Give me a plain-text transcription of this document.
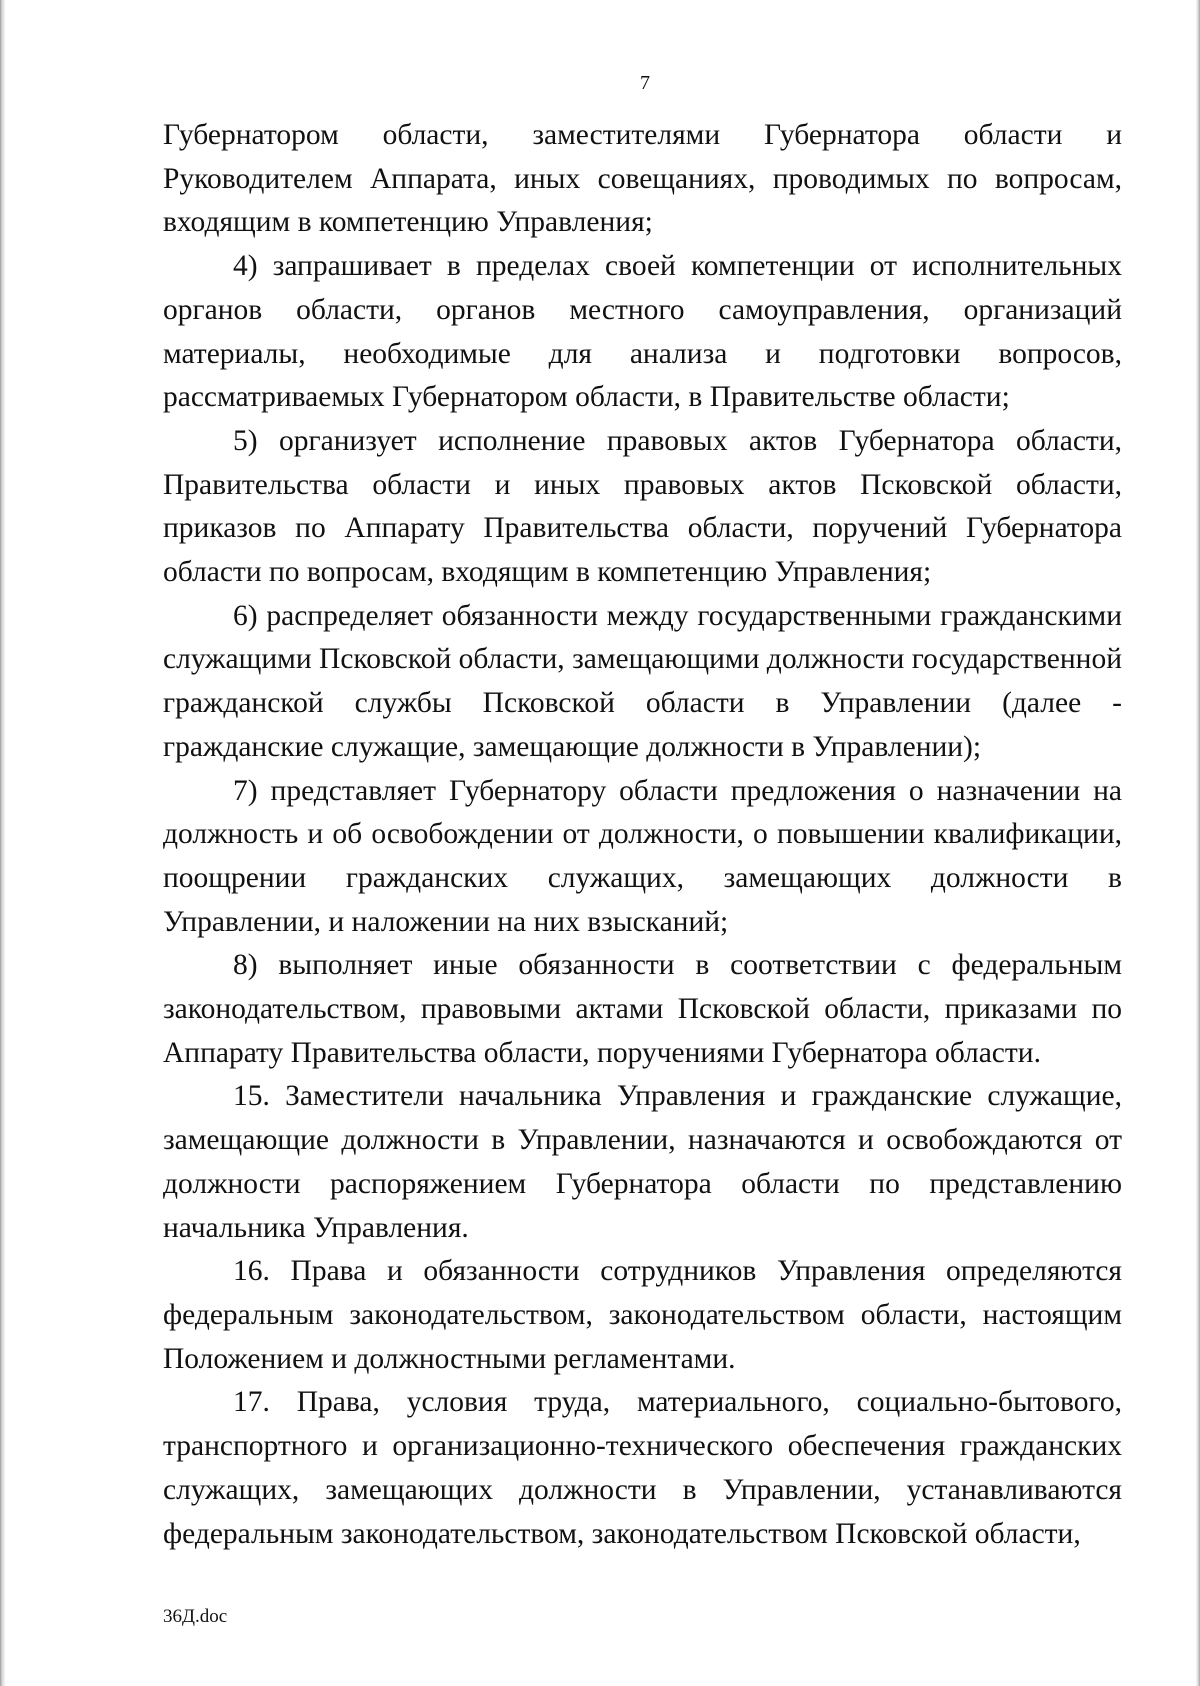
7

Губернатором области, заместителями Губернатора области и Руководителем Аппарата, иных совещаниях, проводимых по вопросам, входящим в компетенцию Управления;

4) запрашивает в пределах своей компетенции от исполнительных органов области, органов местного самоуправления, организаций материалы, необходимые для анализа и подготовки вопросов, рассматриваемых Губернатором области, в Правительстве области;

5) организует исполнение правовых актов Губернатора области, Правительства области и иных правовых актов Псковской области, приказов по Аппарату Правительства области, поручений Губернатора области по вопросам, входящим в компетенцию Управления;

6) распределяет обязанности между государственными гражданскими служащими Псковской области, замещающими должности государственной гражданской службы Псковской области в Управлении (далее - гражданские служащие, замещающие должности в Управлении);

7) представляет Губернатору области предложения о назначении на должность и об освобождении от должности, о повышении квалификации, поощрении гражданских служащих, замещающих должности в Управлении, и наложении на них взысканий;

8) выполняет иные обязанности в соответствии с федеральным законодательством, правовыми актами Псковской области, приказами по Аппарату Правительства области, поручениями Губернатора области.

15. Заместители начальника Управления и гражданские служащие, замещающие должности в Управлении, назначаются и освобождаются от должности распоряжением Губернатора области по представлению начальника Управления.

16. Права и обязанности сотрудников Управления определяются федеральным законодательством, законодательством области, настоящим Положением и должностными регламентами.

17. Права, условия труда, материального, социально-бытового, транспортного и организационно-технического обеспечения гражданских служащих, замещающих должности в Управлении, устанавливаются федеральным законодательством, законодательством Псковской области,

36Д.doc
